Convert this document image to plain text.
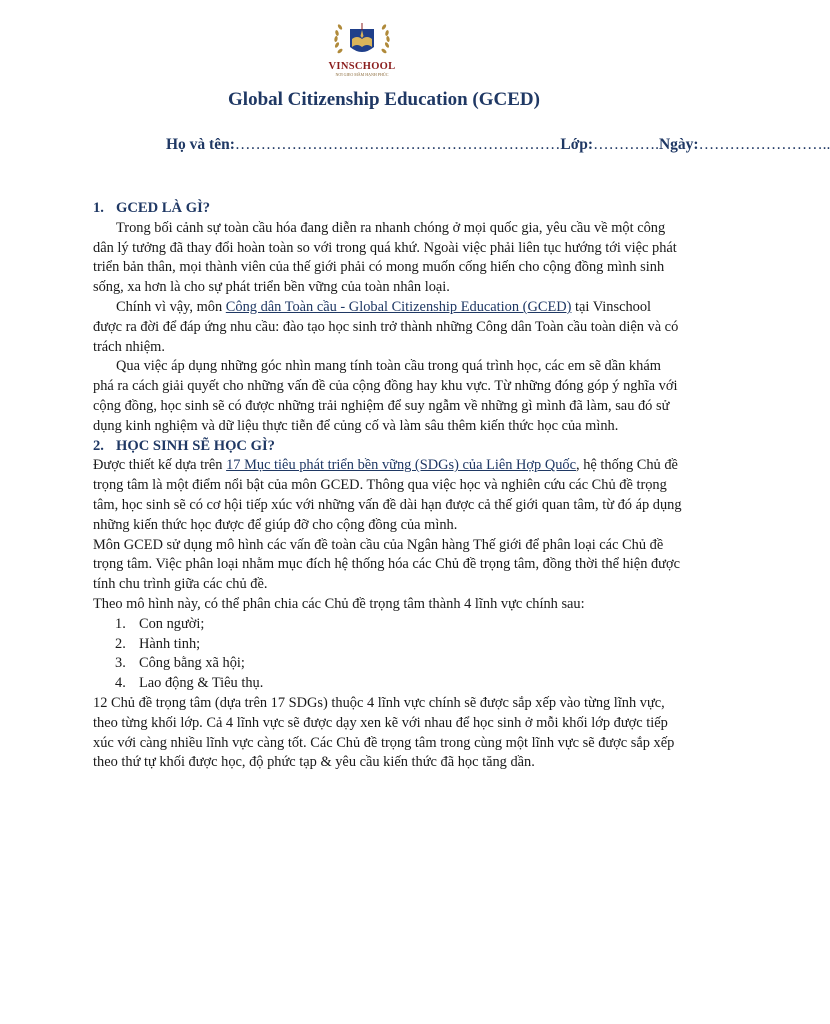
VINSCHOOL
NƠI GIEO MẦM HẠNH PHÚC
Global Citizenship Education (GCED)
Họ và tên:………………………………………………………Lớp:………….Ngày:……………………..
1. GCED LÀ GÌ?

Trong bối cảnh sự toàn cầu hóa đang diễn ra nhanh chóng ở mọi quốc gia, yêu cầu về một công dân lý tưởng đã thay đổi hoàn toàn so với trong quá khứ. Ngoài việc phải liên tục hướng tới việc phát triển bản thân, mọi thành viên của thế giới phải có mong muốn cống hiến cho cộng đồng mình sinh sống, xa hơn là cho sự phát triển bền vững của toàn nhân loại.

Chính vì vậy, môn Công dân Toàn cầu - Global Citizenship Education (GCED) tại Vinschool được ra đời để đáp ứng nhu cầu: đào tạo học sinh trở thành những Công dân Toàn cầu toàn diện và có trách nhiệm.

Qua việc áp dụng những góc nhìn mang tính toàn cầu trong quá trình học, các em sẽ dần khám phá ra cách giải quyết cho những vấn đề của cộng đồng hay khu vực. Từ những đóng góp ý nghĩa với cộng đồng, học sinh sẽ có được những trải nghiệm để suy ngẫm về những gì mình đã làm, sau đó sử dụng kinh nghiệm và dữ liệu thực tiễn để củng cố và làm sâu thêm kiến thức học của mình.

2. HỌC SINH SẼ HỌC GÌ?

Được thiết kế dựa trên 17 Mục tiêu phát triển bền vững (SDGs) của Liên Hợp Quốc, hệ thống Chủ đề trọng tâm là một điểm nổi bật của môn GCED. Thông qua việc học và nghiên cứu các Chủ đề trọng tâm, học sinh sẽ có cơ hội tiếp xúc với những vấn đề dài hạn được cả thế giới quan tâm, từ đó áp dụng những kiến thức học được để giúp đỡ cho cộng đồng của mình.

Môn GCED sử dụng mô hình các vấn đề toàn cầu của Ngân hàng Thế giới để phân loại các Chủ đề trọng tâm. Việc phân loại nhằm mục đích hệ thống hóa các Chủ đề trọng tâm, đồng thời thể hiện được tính chu trình giữa các chủ đề.

Theo mô hình này, có thể phân chia các Chủ đề trọng tâm thành 4 lĩnh vực chính sau:

1. Con người;
2. Hành tinh;
3. Công bằng xã hội;
4. Lao động & Tiêu thụ.

12 Chủ đề trọng tâm (dựa trên 17 SDGs) thuộc 4 lĩnh vực chính sẽ được sắp xếp vào từng lĩnh vực, theo từng khối lớp. Cả 4 lĩnh vực sẽ được dạy xen kẽ với nhau để học sinh ở mỗi khối lớp được tiếp xúc với càng nhiều lĩnh vực càng tốt. Các Chủ đề trọng tâm trong cùng một lĩnh vực sẽ được sắp xếp theo thứ tự khối được học, độ phức tạp & yêu cầu kiến thức đã học tăng dần.
